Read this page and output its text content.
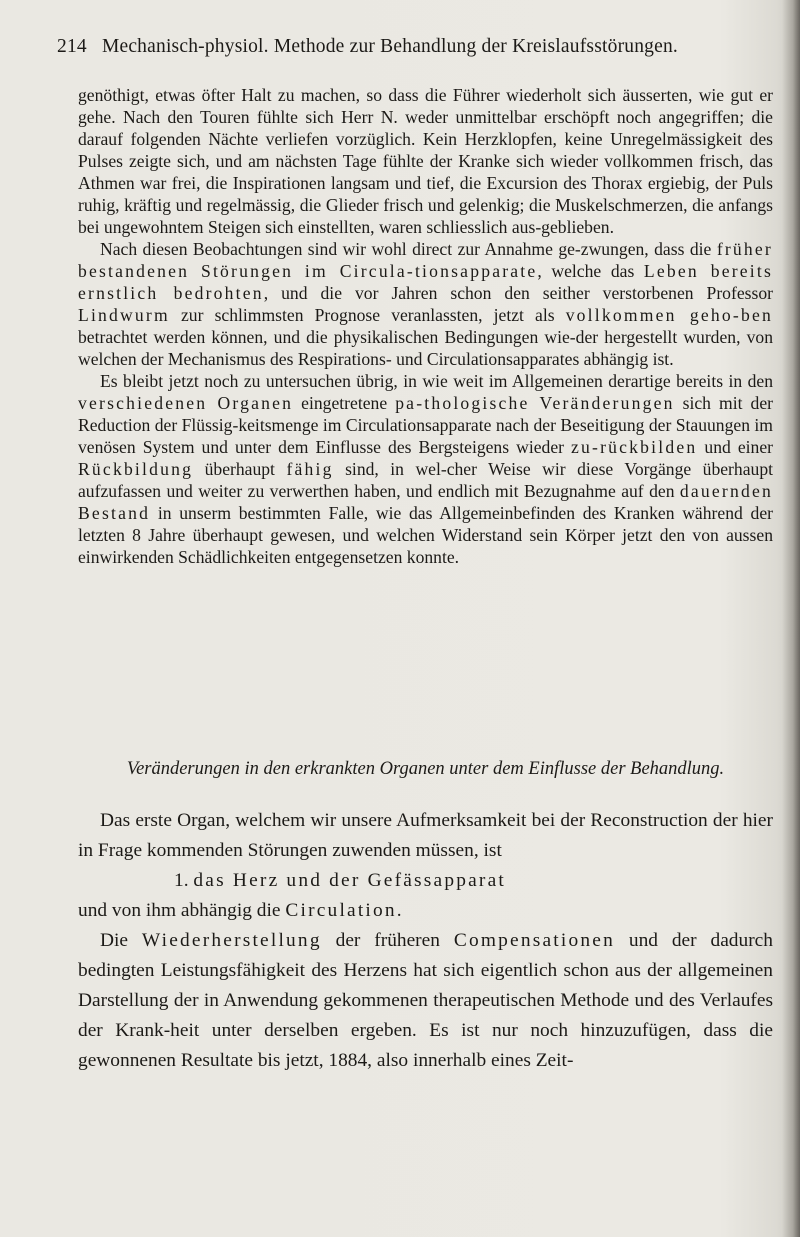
214 Mechanisch-physiol. Methode zur Behandlung der Kreislaufsstörungen.

genöthigt, etwas öfter Halt zu machen, so dass die Führer wiederholt sich äusserten, wie gut er gehe. Nach den Touren fühlte sich Herr N. weder unmittelbar erschöpft noch angegriffen; die darauf folgenden Nächte verliefen vorzüglich. Kein Herzklopfen, keine Unregelmässigkeit des Pulses zeigte sich, und am nächsten Tage fühlte der Kranke sich wieder vollkommen frisch, das Athmen war frei, die Inspirationen langsam und tief, die Excursion des Thorax ergiebig, der Puls ruhig, kräftig und regelmässig, die Glieder frisch und gelenkig; die Muskelschmerzen, die anfangs bei ungewohntem Steigen sich einstellten, waren schliesslich aus-geblieben.

Nach diesen Beobachtungen sind wir wohl direct zur Annahme ge-zwungen, dass die früher bestandenen Störungen im Circula-tionsapparate, welche das Leben bereits ernstlich bedrohten, und die vor Jahren schon den seither verstorbenen Professor Lindwurm zur schlimmsten Prognose veranlassten, jetzt als vollkommen geho-ben betrachtet werden können, und die physikalischen Bedingungen wie-der hergestellt wurden, von welchen der Mechanismus des Respirations- und Circulationsapparates abhängig ist.

Es bleibt jetzt noch zu untersuchen übrig, in wie weit im Allgemeinen derartige bereits in den verschiedenen Organen eingetretene pa-thologische Veränderungen sich mit der Reduction der Flüssig-keitsmenge im Circulationsapparate nach der Beseitigung der Stauungen im venösen System und unter dem Einflusse des Bergsteigens wieder zu-rückbilden und einer Rückbildung überhaupt fähig sind, in wel-cher Weise wir diese Vorgänge überhaupt aufzufassen und weiter zu verwerthen haben, und endlich mit Bezugnahme auf den dauernden Bestand in unserm bestimmten Falle, wie das Allgemeinbefinden des Kranken während der letzten 8 Jahre überhaupt gewesen, und welchen Widerstand sein Körper jetzt den von aussen einwirkenden Schädlichkeiten entgegensetzen konnte.

Veränderungen in den erkrankten Organen unter dem Einflusse der Behandlung.

Das erste Organ, welchem wir unsere Aufmerksamkeit bei der Reconstruction der hier in Frage kommenden Störungen zuwenden müssen, ist

1. das Herz und der Gefässapparat

und von ihm abhängig die Circulation.

Die Wiederherstellung der früheren Compensationen und der dadurch bedingten Leistungsfähigkeit des Herzens hat sich eigentlich schon aus der allgemeinen Darstellung der in Anwendung gekommenen therapeutischen Methode und des Verlaufes der Krank-heit unter derselben ergeben. Es ist nur noch hinzuzufügen, dass die gewonnenen Resultate bis jetzt, 1884, also innerhalb eines Zeit-
